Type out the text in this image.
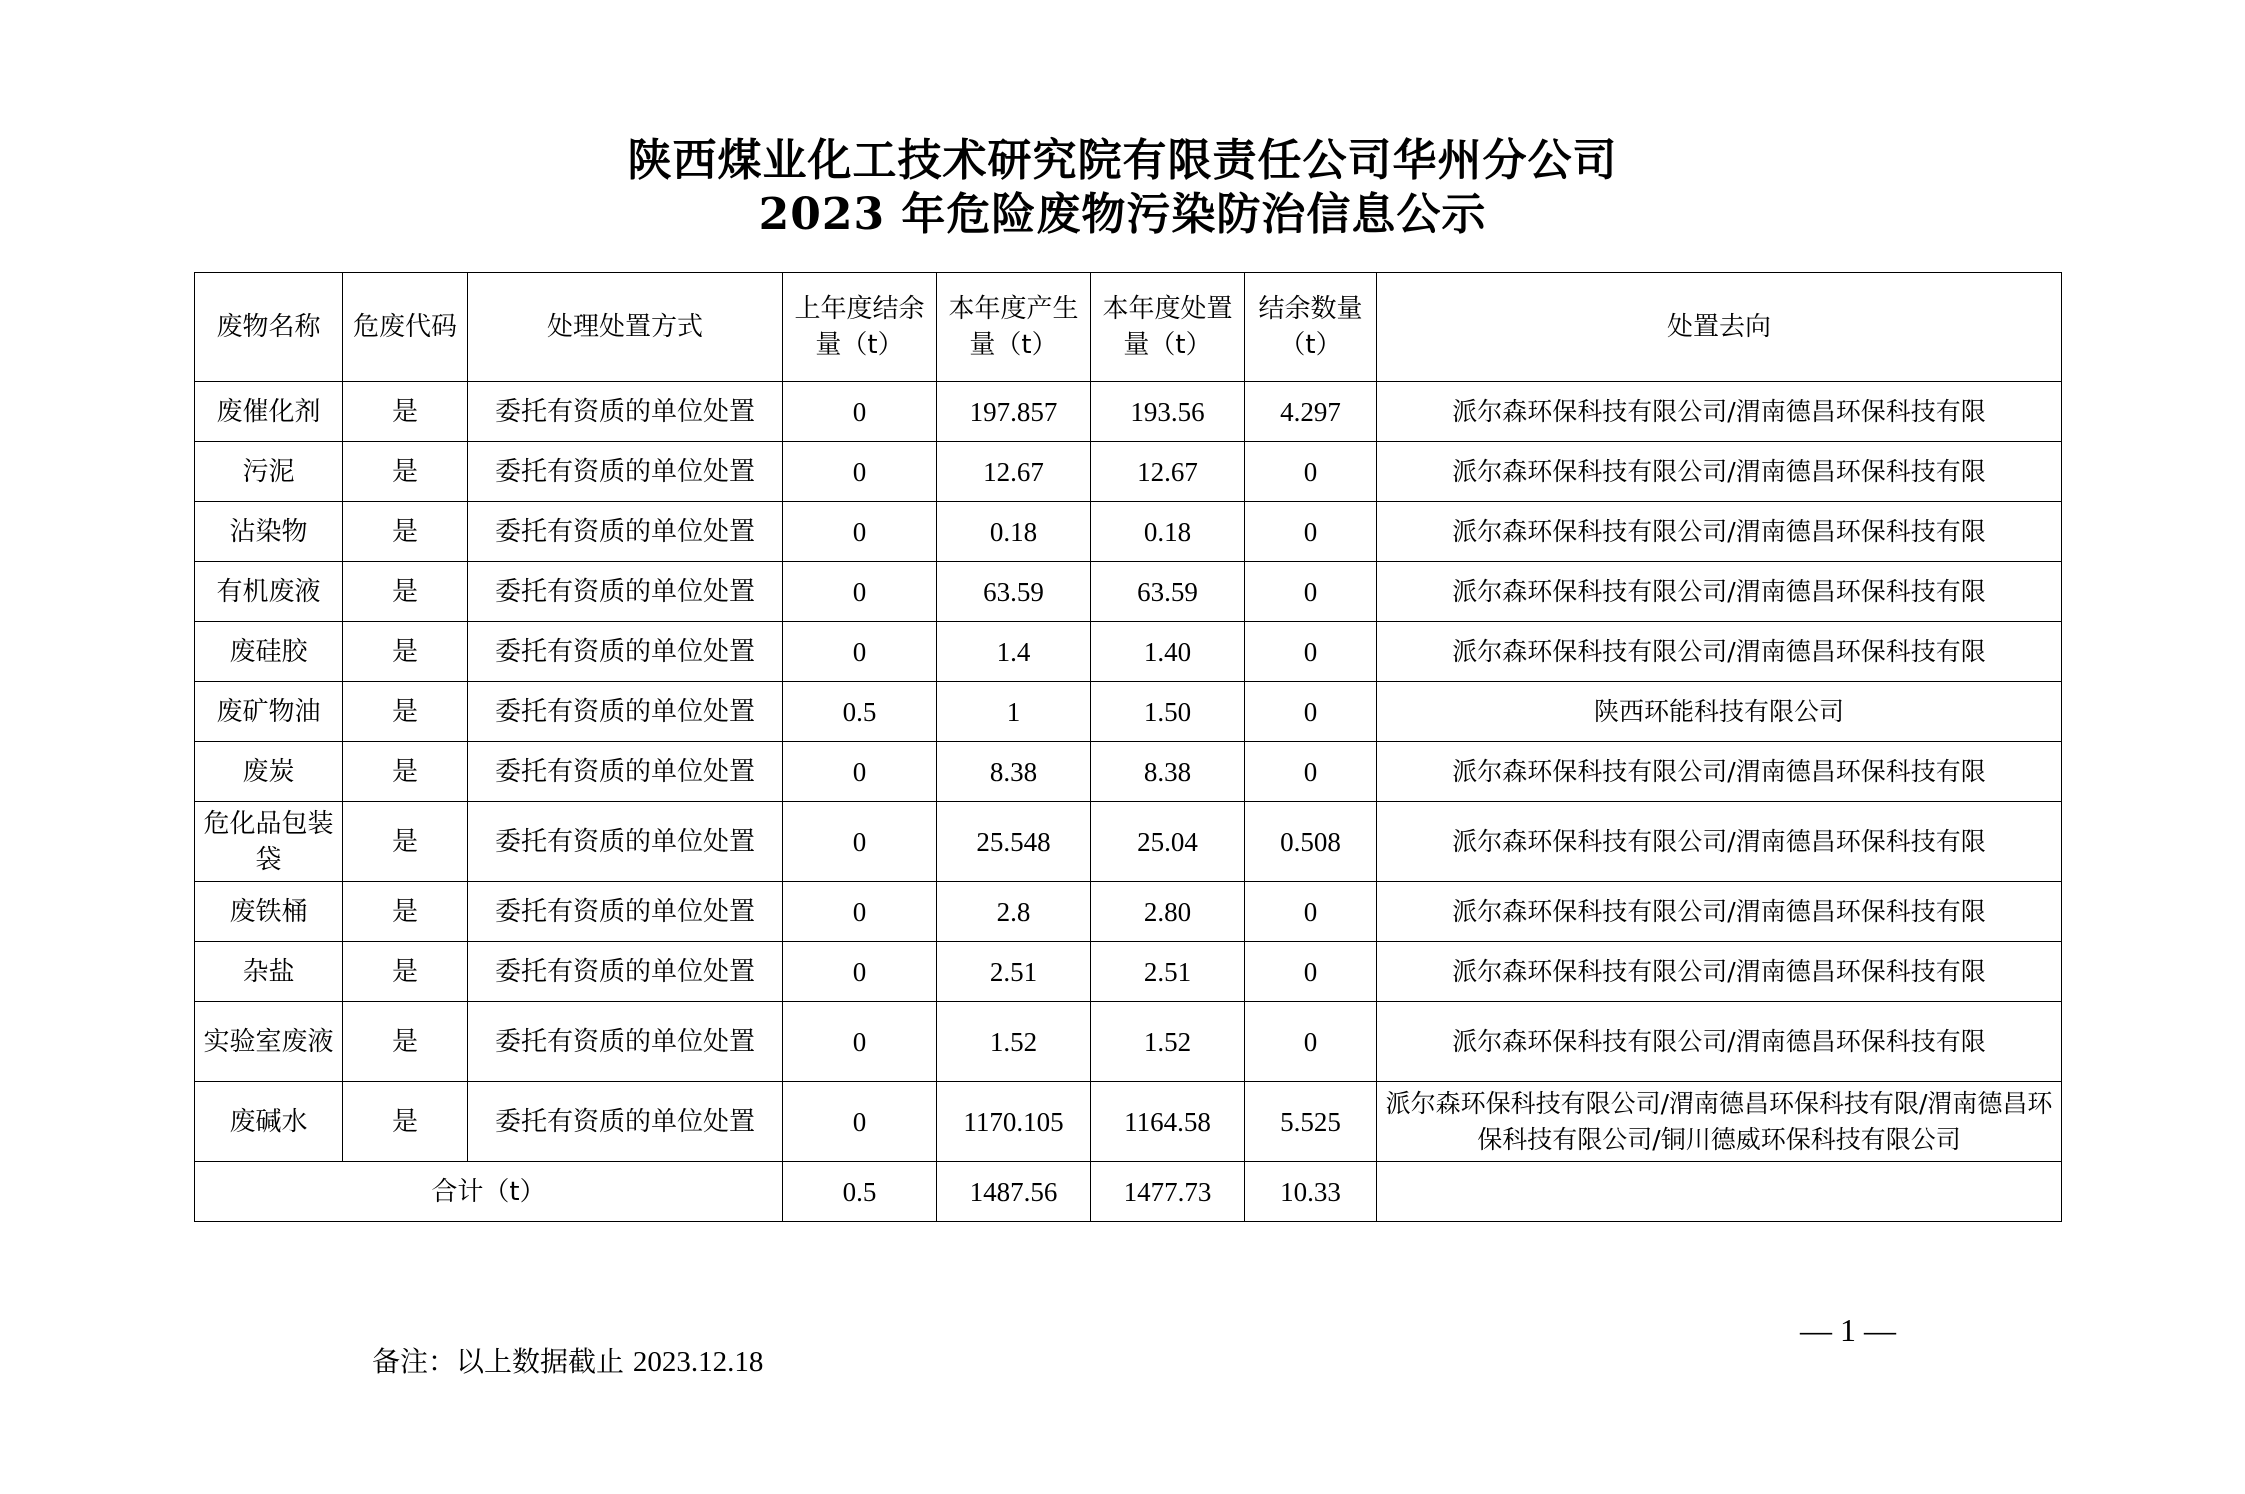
陕西煤业化工技术研究院有限责任公司华州分公司
2023 年危险废物污染防治信息公示
废物名称	危废代码	处理处置方式	上年度结余量（t）	本年度产生量（t）	本年度处置量（t）	结余数量（t）	处置去向
废催化剂	是	委托有资质的单位处置	0	197.857	193.56	4.297	派尔森环保科技有限公司/渭南德昌环保科技有限
污泥	是	委托有资质的单位处置	0	12.67	12.67	0	派尔森环保科技有限公司/渭南德昌环保科技有限
沾染物	是	委托有资质的单位处置	0	0.18	0.18	0	派尔森环保科技有限公司/渭南德昌环保科技有限
有机废液	是	委托有资质的单位处置	0	63.59	63.59	0	派尔森环保科技有限公司/渭南德昌环保科技有限
废硅胶	是	委托有资质的单位处置	0	1.4	1.40	0	派尔森环保科技有限公司/渭南德昌环保科技有限
废矿物油	是	委托有资质的单位处置	0.5	1	1.50	0	陕西环能科技有限公司
废炭	是	委托有资质的单位处置	0	8.38	8.38	0	派尔森环保科技有限公司/渭南德昌环保科技有限
危化品包装袋	是	委托有资质的单位处置	0	25.548	25.04	0.508	派尔森环保科技有限公司/渭南德昌环保科技有限
废铁桶	是	委托有资质的单位处置	0	2.8	2.80	0	派尔森环保科技有限公司/渭南德昌环保科技有限
杂盐	是	委托有资质的单位处置	0	2.51	2.51	0	派尔森环保科技有限公司/渭南德昌环保科技有限
实验室废液	是	委托有资质的单位处置	0	1.52	1.52	0	派尔森环保科技有限公司/渭南德昌环保科技有限
废碱水	是	委托有资质的单位处置	0	1170.105	1164.58	5.525	派尔森环保科技有限公司/渭南德昌环保科技有限/渭南德昌环保科技有限公司/铜川德威环保科技有限公司
合计（t）			0.5	1487.56	1477.73	10.33	
— 1 —
备注：以上数据截止 2023.12.18
